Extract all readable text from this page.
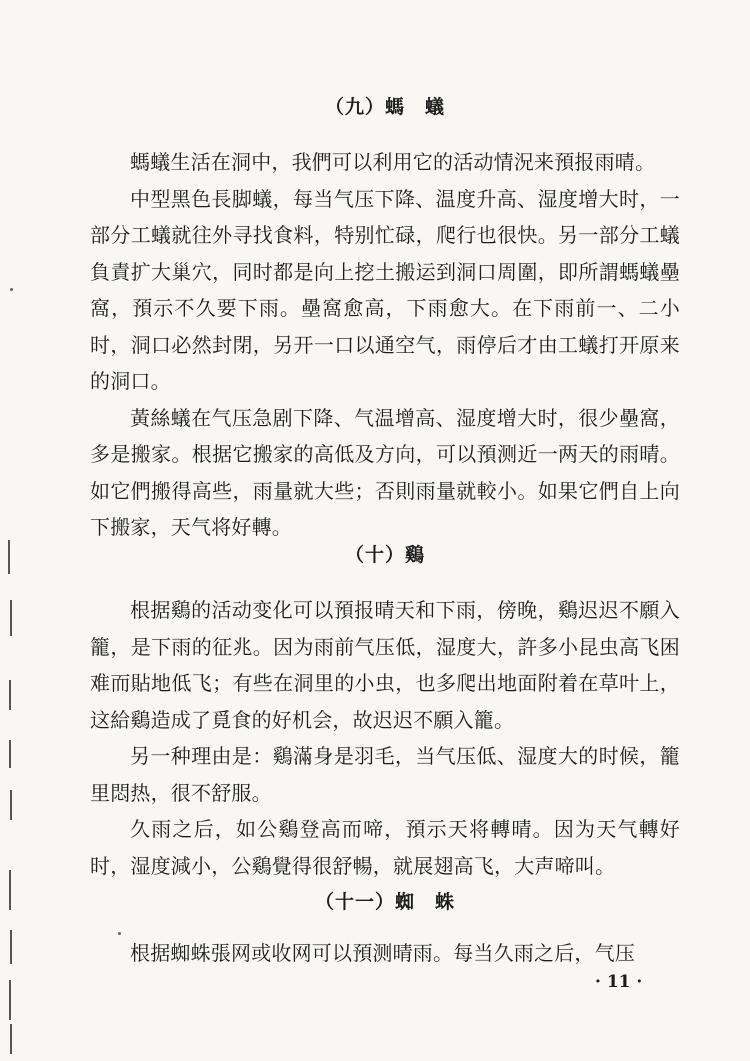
（九）螞　蟻

螞蟻生活在洞中，我們可以利用它的活动情況来預报雨晴。

中型黑色長脚蟻，每当气压下降、温度升高、湿度增大时，一部分工蟻就往外寻找食料，特别忙碌，爬行也很快。另一部分工蟻負責扩大巢穴，同时都是向上挖土搬运到洞口周圍，即所謂螞蟻壘窩，預示不久要下雨。壘窩愈高，下雨愈大。在下雨前一、二小时，洞口必然封閉，另开一口以通空气，雨停后才由工蟻打开原来的洞口。

黃絲蟻在气压急剧下降、气温增高、湿度增大时，很少壘窩，多是搬家。根据它搬家的高低及方向，可以預测近一两天的雨晴。如它們搬得高些，雨量就大些；否則雨量就較小。如果它們自上向下搬家，天气将好轉。

（十）鷄

根据鷄的活动变化可以預报晴天和下雨，傍晚，鷄迟迟不願入籠，是下雨的征兆。因为雨前气压低，湿度大，許多小昆虫高飞困难而貼地低飞；有些在洞里的小虫，也多爬出地面附着在草叶上，这給鷄造成了覓食的好机会，故迟迟不願入籠。

另一种理由是：鷄滿身是羽毛，当气压低、湿度大的时候，籠里悶热，很不舒服。

久雨之后，如公鷄登高而啼，預示天将轉晴。因为天气轉好时，湿度減小，公鷄覺得很舒暢，就展翅高飞，大声啼叫。

（十一）蜘　蛛

根据蜘蛛張网或收网可以預测晴雨。每当久雨之后，气压

· 11 ·
